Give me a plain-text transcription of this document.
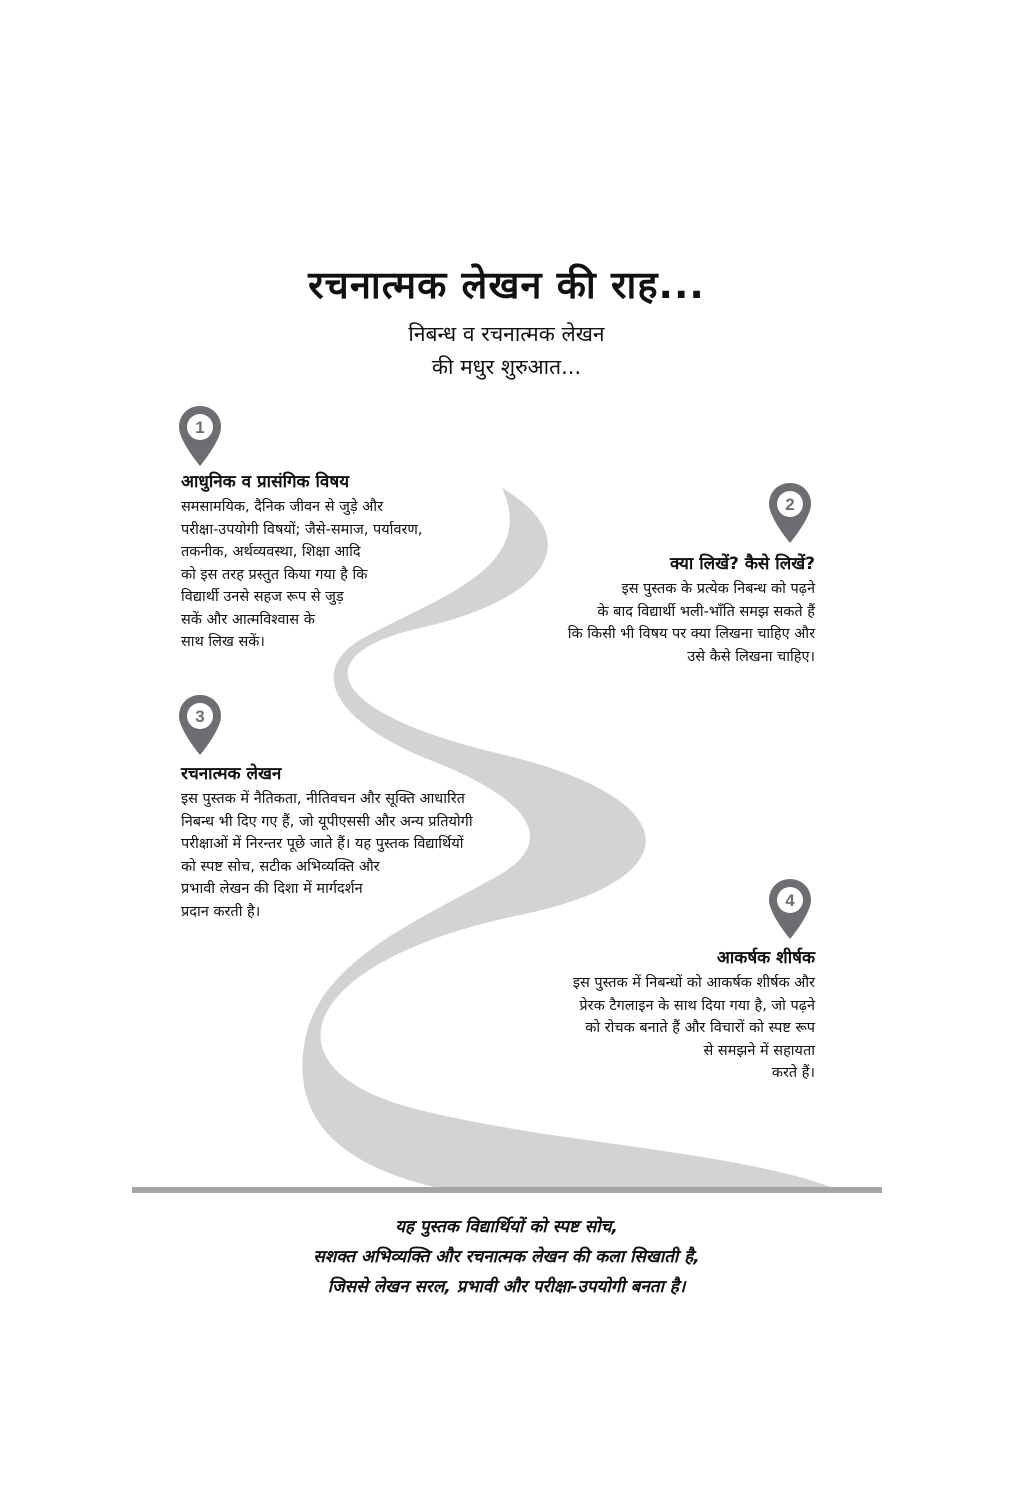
रचनात्मक लेखन की राह...
निबन्ध व रचनात्मक लेखन
की मधुर शुरुआत...
1
आधुनिक व प्रासंगिक विषय

समसामयिक, दैनिक जीवन से जुड़े और
परीक्षा-उपयोगी विषयों; जैसे-समाज, पर्यावरण,
तकनीक, अर्थव्यवस्था, शिक्षा आदि
को इस तरह प्रस्तुत किया गया है कि
विद्यार्थी उनसे सहज रूप से जुड़
सकें और आत्मविश्वास के
साथ लिख सकें।

2
क्या लिखें? कैसे लिखें?

इस पुस्तक के प्रत्येक निबन्ध को पढ़ने
के बाद विद्यार्थी भली-भाँति समझ सकते हैं
कि किसी भी विषय पर क्या लिखना चाहिए और
उसे कैसे लिखना चाहिए।

3
रचनात्मक लेखन

इस पुस्तक में नैतिकता, नीतिवचन और सूक्ति आधारित
निबन्ध भी दिए गए हैं, जो यूपीएससी और अन्य प्रतियोगी
परीक्षाओं में निरन्तर पूछे जाते हैं। यह पुस्तक विद्यार्थियों
को स्पष्ट सोच, सटीक अभिव्यक्ति और
प्रभावी लेखन की दिशा में मार्गदर्शन
प्रदान करती है।

4
आकर्षक शीर्षक

इस पुस्तक में निबन्धों को आकर्षक शीर्षक और
प्रेरक टैगलाइन के साथ दिया गया है, जो पढ़ने
को रोचक बनाते हैं और विचारों को स्पष्ट रूप
से समझने में सहायता
करते हैं।

यह पुस्तक विद्यार्थियों को स्पष्ट सोच,
सशक्त अभिव्यक्ति और रचनात्मक लेखन की कला सिखाती है,
जिससे लेखन सरल, प्रभावी और परीक्षा-उपयोगी बनता है।
